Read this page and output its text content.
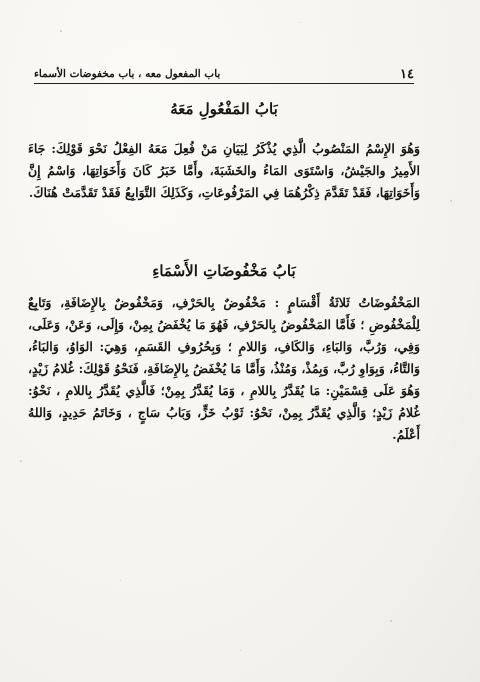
١٤
باب المفعول معه ، باب مخفوضات الأسماء
بَابُ المَفْعُولِ مَعَهُ
وَهُوَ الإِسْمُ المَنْصُوبُ الَّذِي يُذْكَرُ لِبَيَانِ مَنْ فُعِلَ مَعَهُ الفِعْلُ نَحْوَ قَوْلِكَ: جَاءَ الأَمِيرُ والجَيْشُ، وَاسْتَوَى المَاءُ والخَشَبَةَ، وأَمَّا خَبَرُ كَانَ وَأَخَوَاتِهَا، وَاسْمُ إِنَّ وَأَخَوَاتِهَا، فَقَدْ تَقَدَّمَ ذِكْرُهُمَا فِي المَرْفُوعَاتِ، وَكَذَلِكَ التَّوَابِعُ فَقَدْ تَقَدَّمَتْ هُنَاكَ.
بَابُ مَخْفُوضَاتِ الأَسْمَاءِ
المَخْفُوضَاتُ ثَلاثَةُ أَقْسَامٍ : مَخْفُوضٌ بِالحَرْفِ، وَمَخْفُوضٌ بِالإِضَافَةِ، وَتَابِعٌ لِلْمَخْفُوضِ ؛ فَأَمَّا المَخْفُوضُ بِالحَرْفِ، فَهُوَ مَا يُخْفَضُ بِمِنْ، وَإِلَى، وَعَنْ، وَعَلَى، وَفِي، وَرُبَّ، وَالبَاءِ، وَالكَافِ، وَاللامِ ؛ وَبِحُرُوفِ القَسَمِ، وَهِيَ: الوَاوُ، وَالبَاءُ، وَالتَّاءُ، وَبِوَاوِ رُبَّ، وَبِمُذْ، وَمُنْذُ، وَأَمَّا مَا يُخْفَضُ بِالإِضَافَةِ، فَنَحْوُ قَوْلِكَ: غُلامُ زَيْدٍ، وَهُوَ عَلَى قِسْمَيْنِ: مَا يُقَدَّرُ بِاللامِ ، وَمَا يُقَدَّرُ بِمِنْ؛ فَالَّذِي يُقَدَّرُ بِاللامِ ، نَحْوُ: غُلامُ زَيْدٍ؛ وَالَّذِي يُقَدَّرُ بِمِنْ، نَحْوُ: ثَوْبُ خَزٍّ، وَبَابُ سَاجٍ ، وَخَاتَمُ حَدِيدٍ، وَاللهُ أَعْلَمُ.
